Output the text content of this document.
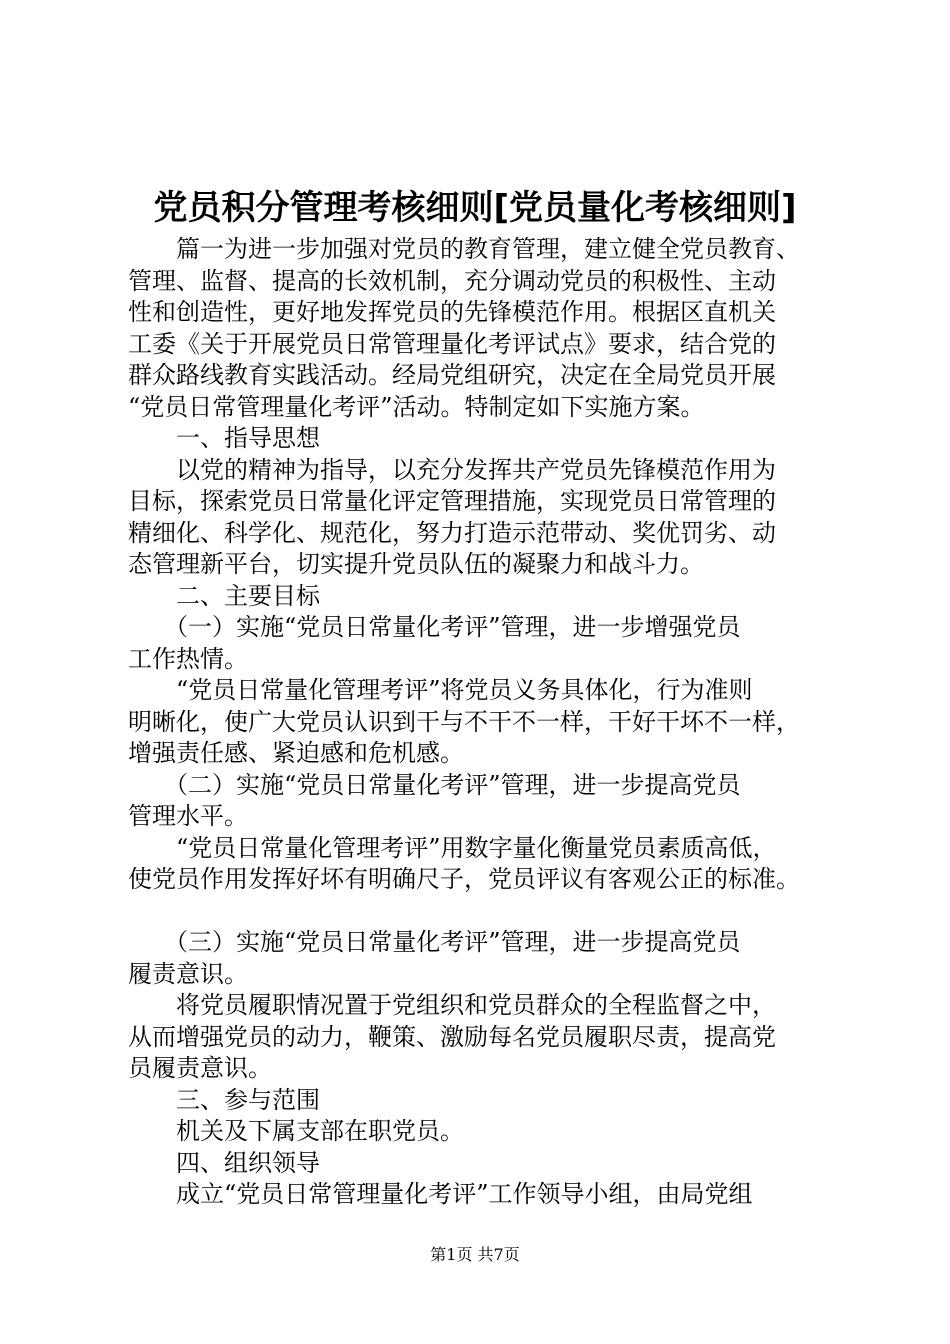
党员积分管理考核细则[党员量化考核细则]
　　篇一为进一步加强对党员的教育管理，建立健全党员教育、
管理、监督、提高的长效机制，充分调动党员的积极性、主动
性和创造性，更好地发挥党员的先锋模范作用。根据区直机关
工委《关于开展党员日常管理量化考评试点》要求，结合党的
群众路线教育实践活动。经局党组研究，决定在全局党员开展
“党员日常管理量化考评”活动。特制定如下实施方案。
　　一、指导思想
　　以党的精神为指导，以充分发挥共产党员先锋模范作用为
目标，探索党员日常量化评定管理措施，实现党员日常管理的
精细化、科学化、规范化，努力打造示范带动、奖优罚劣、动
态管理新平台，切实提升党员队伍的凝聚力和战斗力。
　　二、主要目标
　　（一）实施“党员日常量化考评”管理，进一步增强党员
工作热情。
　　“党员日常量化管理考评”将党员义务具体化，行为准则
明晰化，使广大党员认识到干与不干不一样，干好干坏不一样，
增强责任感、紧迫感和危机感。
　　（二）实施“党员日常量化考评”管理，进一步提高党员
管理水平。
　　“党员日常量化管理考评”用数字量化衡量党员素质高低，
使党员作用发挥好坏有明确尺子，党员评议有客观公正的标准。
　　（三）实施“党员日常量化考评”管理，进一步提高党员
履责意识。
　　将党员履职情况置于党组织和党员群众的全程监督之中，
从而增强党员的动力，鞭策、激励每名党员履职尽责，提高党
员履责意识。
　　三、参与范围
　　机关及下属支部在职党员。
　　四、组织领导
　　成立“党员日常管理量化考评”工作领导小组，由局党组
第1页 共7页
